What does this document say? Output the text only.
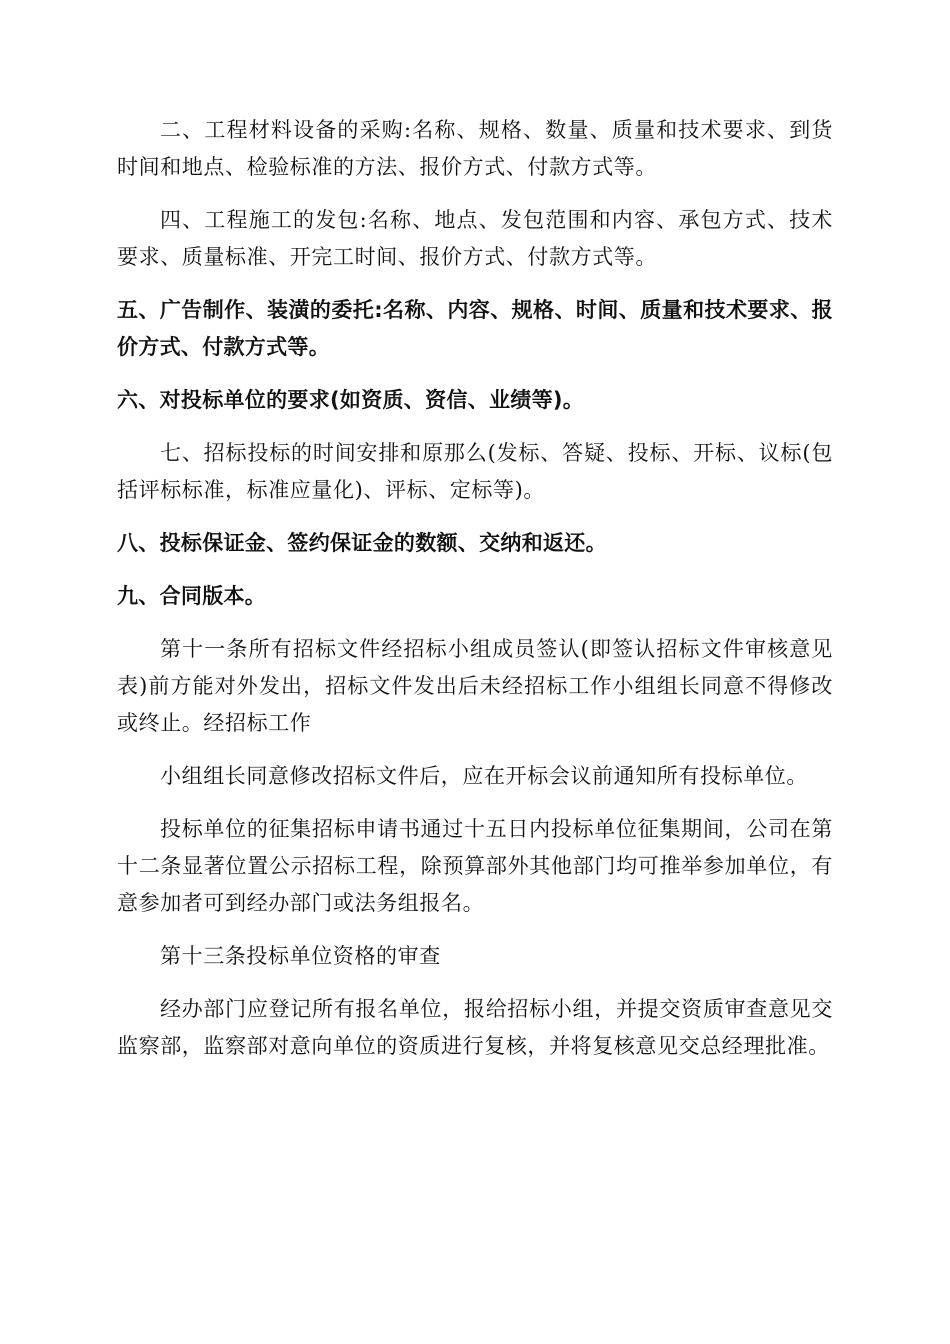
二、工程材料设备的采购:名称、规格、数量、质量和技术要求、到货时间和地点、检验标准的方法、报价方式、付款方式等。

四、工程施工的发包:名称、地点、发包范围和内容、承包方式、技术要求、质量标准、开完工时间、报价方式、付款方式等。

五、广告制作、装潢的委托:名称、内容、规格、时间、质量和技术要求、报价方式、付款方式等。

六、对投标单位的要求(如资质、资信、业绩等)。

七、招标投标的时间安排和原那么(发标、答疑、投标、开标、议标(包括评标标准，标准应量化)、评标、定标等)。

八、投标保证金、签约保证金的数额、交纳和返还。

九、合同版本。

第十一条所有招标文件经招标小组成员签认(即签认招标文件审核意见表)前方能对外发出，招标文件发出后未经招标工作小组组长同意不得修改或终止。经招标工作

小组组长同意修改招标文件后，应在开标会议前通知所有投标单位。

投标单位的征集招标申请书通过十五日内投标单位征集期间，公司在第十二条显著位置公示招标工程，除预算部外其他部门均可推举参加单位，有意参加者可到经办部门或法务组报名。

第十三条投标单位资格的审查

经办部门应登记所有报名单位，报给招标小组，并提交资质审查意见交监察部，监察部对意向单位的资质进行复核，并将复核意见交总经理批准。
